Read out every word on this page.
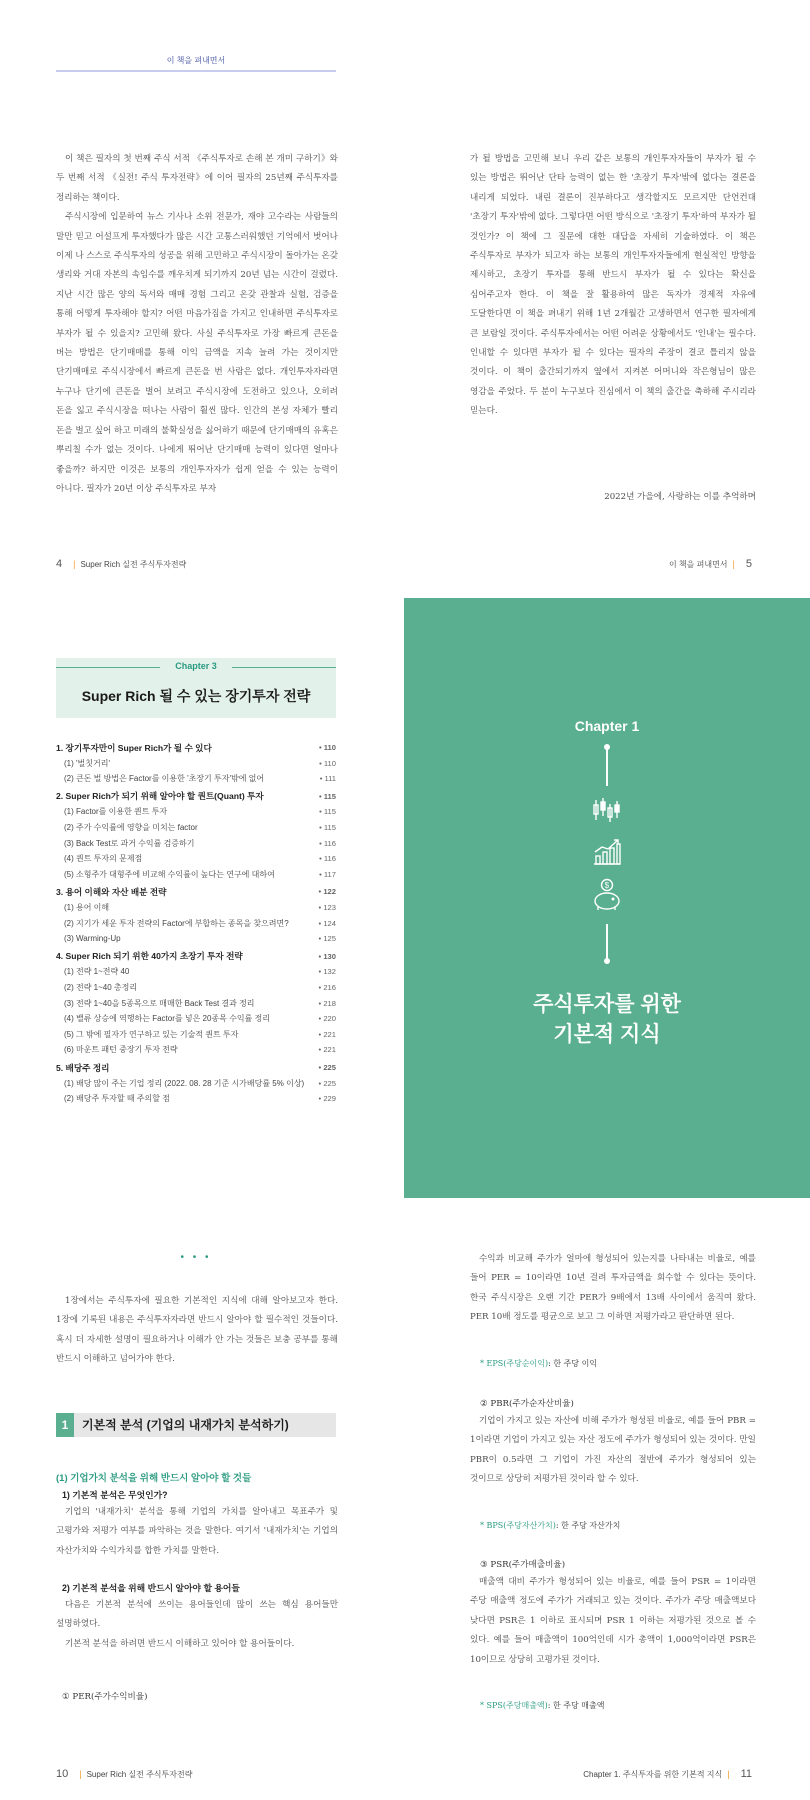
이 책을 펴내면서

이 책은 필자의 첫 번째 주식 서적 《주식투자로 손해 본 개미 구하기》와 두 번째 서적 《실전! 주식 투자전략》에 이어 필자의 25년째 주식투자를 정리하는 책이다.

주식시장에 입문하여 뉴스 기사나 소위 전문가, 재야 고수라는 사람들의 말만 믿고 어설프게 투자했다가 많은 시간 고통스러워했던 기억에서 벗어나 이제 나 스스로 주식투자의 성공을 위해 고민하고 주식시장이 돌아가는 온갖 생리와 거대 자본의 속임수를 깨우치게 되기까지 20년 넘는 시간이 걸렸다. 지난 시간 많은 양의 독서와 매매 경험 그리고 온갖 관찰과 실험, 검증을 통해 어떻게 투자해야 할지? 어떤 마음가짐을 가지고 인내하면 주식투자로 부자가 될 수 있을지? 고민해 왔다. 사실 주식투자로 가장 빠르게 큰돈을 버는 방법은 단기매매를 통해 이익 금액을 지속 늘려 가는 것이지만 단기매매로 주식시장에서 빠르게 큰돈을 번 사람은 없다. 개인투자자라면 누구나 단기에 큰돈을 벌어 보려고 주식시장에 도전하고 있으나, 오히려 돈을 잃고 주식시장을 떠나는 사람이 훨씬 많다. 인간의 본성 자체가 빨리 돈을 벌고 싶어 하고 미래의 불확실성을 싫어하기 때문에 단기매매의 유혹은 뿌리칠 수가 없는 것이다. 나에게 뛰어난 단기매매 능력이 있다면 얼마나 좋을까? 하지만 이것은 보통의 개인투자자가 쉽게 얻을 수 있는 능력이 아니다. 필자가 20년 이상 주식투자로 부자

4 | Super Rich 실전 주식투자전략

가 될 방법을 고민해 보니 우리 같은 보통의 개인투자자들이 부자가 될 수 있는 방법은 뛰어난 단타 능력이 없는 한 '초장기 투자'밖에 없다는 결론을 내리게 되었다. 내린 결론이 진부하다고 생각할지도 모르지만 단언컨대 '초장기 투자'밖에 없다. 그렇다면 어떤 방식으로 '초장기 투자'하여 부자가 될 것인가? 이 책에 그 질문에 대한 대답을 자세히 기술하였다. 이 책은 주식투자로 부자가 되고자 하는 보통의 개인투자자들에게 현실적인 방향을 제시하고, 초장기 투자를 통해 반드시 부자가 될 수 있다는 확신을 심어주고자 한다. 이 책을 잘 활용하여 많은 독자가 경제적 자유에 도달한다면 이 책을 펴내기 위해 1년 2개월간 고생하면서 연구한 필자에게 큰 보람일 것이다. 주식투자에서는 어떤 어려운 상황에서도 '인내'는 필수다. 인내할 수 있다면 부자가 될 수 있다는 필자의 주장이 결코 틀리지 않을 것이다. 이 책이 출간되기까지 옆에서 지켜본 어머니와 작은형님이 많은 영감을 주었다. 두 분이 누구보다 진심에서 이 책의 출간을 축하해 주시리라 믿는다.

2022년 가을에, 사랑하는 이를 추억하며
이 책을 펴내면서 | 5
Chapter 3
Super Rich 될 수 있는 장기투자 전략
1. 장기투자만이 Super Rich가 될 수 있다	• 110
(1) '벌칫거리'	• 110
(2) 큰돈 벌 방법은 Factor를 이용한 '초장기 투자'밖에 없어	• 111
2. Super Rich가 되기 위해 알아야 할 퀀트(Quant) 투자	• 115
(1) Factor를 이용한 퀀트 투자	• 115
(2) 주가 수익률에 영향을 미치는 factor	• 115
(3) Back Test로 과거 수익률 검증하기	• 116
(4) 퀀트 투자의 문제점	• 116
(5) 소형주가 대형주에 비교해 수익률이 높다는 연구에 대하여	• 117
3. 용어 이해와 자산 배분 전략	• 122
(1) 용어 이해	• 123
(2) 지기가 세운 투자 전략의 Factor에 부합하는 종목을 찾으려면?	• 124
(3) Warming-Up	• 125
4. Super Rich 되기 위한 40가지 초장기 투자 전략	• 130
(1) 전략 1~전략 40	• 132
(2) 전략 1~40 총정리	• 216
(3) 전략 1~40을 5종목으로 매매한 Back Test 결과 정리	• 218
(4) 밸류 상승에 역행하는 Factor를 넣은 20종목 수익률 정리	• 220
(5) 그 밖에 필자가 연구하고 있는 기술적 퀀트 투자	• 221
(6) 마운트 패턴 중장기 투자 전략	• 221
5. 배당주 정리	• 225
(1) 배당 많이 주는 기업 정리 (2022. 08. 28 기준 시가배당률 5% 이상) • 225
(2) 배당주 투자할 때 주의할 점	• 229
Chapter 1
$
주식투자를 위한
기본적 지식
• • •

1장에서는 주식투자에 필요한 기본적인 지식에 대해 알아보고자 한다. 1장에 기록된 내용은 주식투자자라면 반드시 알아야 할 필수적인 것들이다. 혹시 더 자세한 설명이 필요하거나 이해가 안 가는 것들은 보충 공부를 통해 반드시 이해하고 넘어가야 한다.

1	기본적 분석 (기업의 내재가치 분석하기)
(1) 기업가치 분석을 위해 반드시 알아야 할 것들
1) 기본적 분석은 무엇인가?

기업의 '내재가치' 분석을 통해 기업의 가치를 알아내고 목표주가 및 고평가와 저평가 여부를 파악하는 것을 말한다. 여기서 '내재가치'는 기업의 자산가치와 수익가치를 합한 가치를 말한다.

2) 기본적 분석을 위해 반드시 알아야 할 용어들

다음은 기본적 분석에 쓰이는 용어들인데 많이 쓰는 핵심 용어들만 설명하였다.

기본적 분석을 하려면 반드시 이해하고 있어야 할 용어들이다.

① PER(주가수익비율)
10 | Super Rich 실전 주식투자전략

수익과 비교해 주가가 얼마에 형성되어 있는지를 나타내는 비율로, 예를 들어 PER = 10이라면 10년 걸려 투자금액을 회수할 수 있다는 뜻이다. 한국 주식시장은 오랜 기간 PER가 9배에서 13배 사이에서 움직여 왔다. PER 10배 정도를 평균으로 보고 그 이하면 저평가라고 판단하면 된다.

* EPS(주당순이익): 한 주당 이익
② PBR(주가순자산비율)

기업이 가지고 있는 자산에 비해 주가가 형성된 비율로, 예를 들어 PBR = 1이라면 기업이 가지고 있는 자산 정도에 주가가 형성되어 있는 것이다. 만일 PBR이 0.5라면 그 기업이 가진 자산의 절반에 주가가 형성되어 있는 것이므로 상당히 저평가된 것이라 할 수 있다.

* BPS(주당자산가치): 한 주당 자산가치
③ PSR(주가매출비율)

매출액 대비 주가가 형성되어 있는 비율로, 예를 들어 PSR = 1이라면 주당 매출액 정도에 주가가 거래되고 있는 것이다. 주가가 주당 매출액보다 낮다면 PSR은 1 이하로 표시되며 PSR 1 이하는 저평가된 것으로 볼 수 있다. 예를 들어 매출액이 100억인데 시가 총액이 1,000억이라면 PSR은 10이므로 상당히 고평가된 것이다.

* SPS(주당매출액): 한 주당 매출액
Chapter 1. 주식투자를 위한 기본적 지식 | 11
